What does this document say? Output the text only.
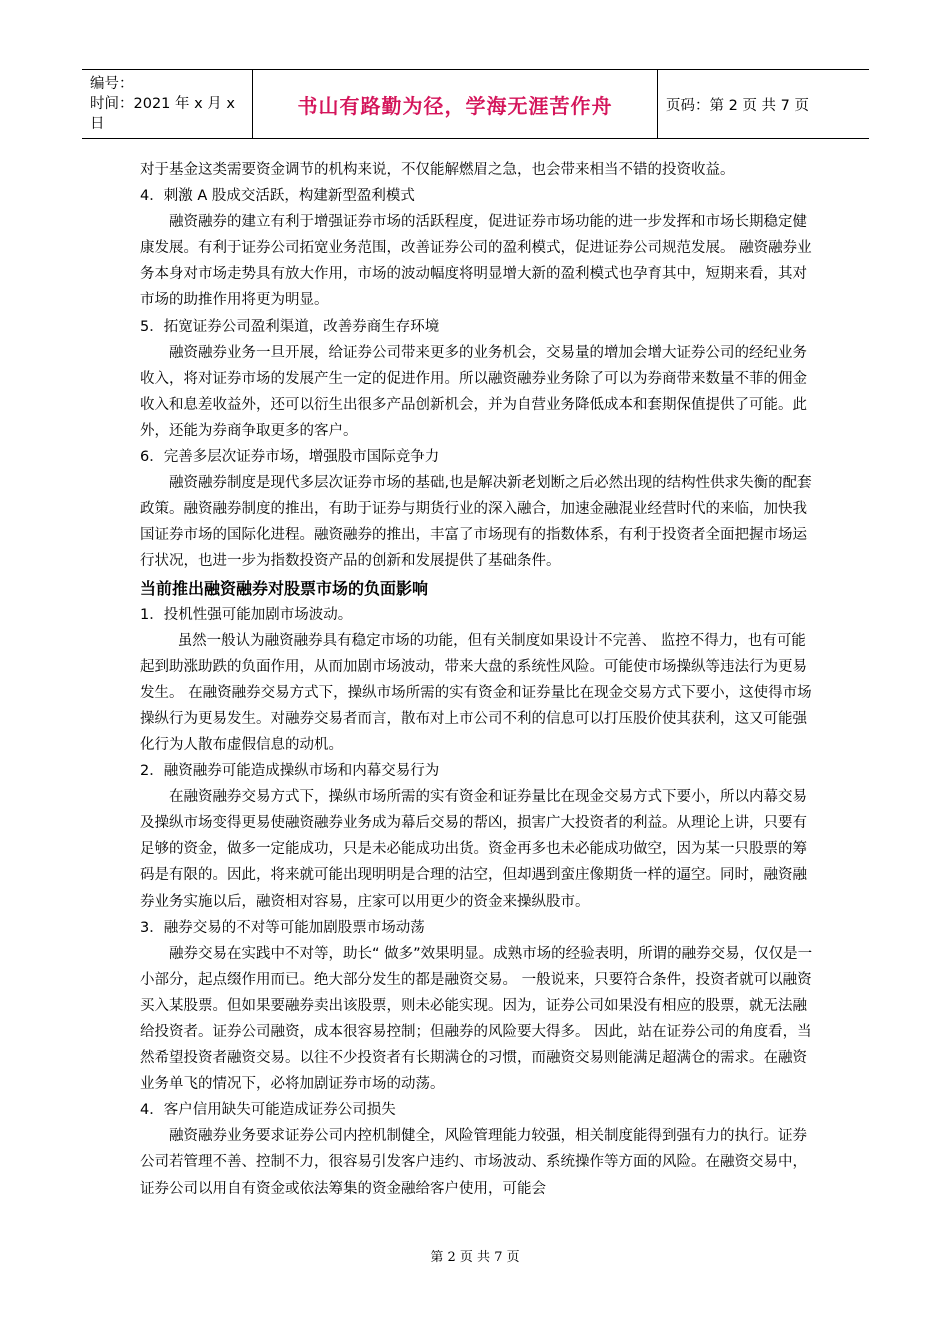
编号：
时间：2021 年 x 月 x 日
书山有路勤为径，学海无涯苦作舟	页码：第 2 页 共 7 页

对于基金这类需要资金调节的机构来说，不仅能解燃眉之急，也会带来相当不错的投资收益。

4．刺激 A 股成交活跃，构建新型盈利模式

融资融券的建立有利于增强证券市场的活跃程度，促进证券市场功能的进一步发挥和市场长期稳定健康发展。有利于证券公司拓宽业务范围，改善证券公司的盈利模式，促进证券公司规范发展。 融资融券业务本身对市场走势具有放大作用，市场的波动幅度将明显增大新的盈利模式也孕育其中，短期来看，其对市场的助推作用将更为明显。

5．拓宽证券公司盈利渠道，改善券商生存环境

融资融券业务一旦开展，给证券公司带来更多的业务机会，交易量的增加会增大证券公司的经纪业务收入，将对证券市场的发展产生一定的促进作用。所以融资融券业务除了可以为券商带来数量不菲的佣金收入和息差收益外，还可以衍生出很多产品创新机会，并为自营业务降低成本和套期保值提供了可能。此外，还能为券商争取更多的客户。

6．完善多层次证券市场，增强股市国际竞争力

融资融券制度是现代多层次证券市场的基础,也是解决新老划断之后必然出现的结构性供求失衡的配套政策。融资融券制度的推出，有助于证券与期货行业的深入融合，加速金融混业经营时代的来临，加快我国证券市场的国际化进程。融资融券的推出，丰富了市场现有的指数体系，有利于投资者全面把握市场运行状况，也进一步为指数投资产品的创新和发展提供了基础条件。

当前推出融资融券对股票市场的负面影响

1．投机性强可能加剧市场波动。

虽然一般认为融资融券具有稳定市场的功能，但有关制度如果设计不完善、 监控不得力，也有可能起到助涨助跌的负面作用，从而加剧市场波动，带来大盘的系统性风险。可能使市场操纵等违法行为更易发生。 在融资融券交易方式下，操纵市场所需的实有资金和证券量比在现金交易方式下要小，这使得市场操纵行为更易发生。对融券交易者而言，散布对上市公司不利的信息可以打压股价使其获利，这又可能强化行为人散布虚假信息的动机。

2．融资融券可能造成操纵市场和内幕交易行为

在融资融券交易方式下，操纵市场所需的实有资金和证券量比在现金交易方式下要小，所以内幕交易及操纵市场变得更易使融资融券业务成为幕后交易的帮凶，损害广大投资者的利益。从理论上讲，只要有足够的资金，做多一定能成功，只是未必能成功出货。资金再多也未必能成功做空，因为某一只股票的筹码是有限的。因此，将来就可能出现明明是合理的沽空，但却遇到蛮庄像期货一样的逼空。同时，融资融券业务实施以后，融资相对容易，庄家可以用更少的资金来操纵股市。

3．融券交易的不对等可能加剧股票市场动荡

融券交易在实践中不对等，助长“ 做多”效果明显。成熟市场的经验表明，所谓的融券交易，仅仅是一小部分，起点缀作用而已。绝大部分发生的都是融资交易。 一般说来，只要符合条件，投资者就可以融资买入某股票。但如果要融券卖出该股票，则未必能实现。因为，证券公司如果没有相应的股票，就无法融给投资者。证券公司融资，成本很容易控制；但融券的风险要大得多。 因此，站在证券公司的角度看，当然希望投资者融资交易。以往不少投资者有长期满仓的习惯，而融资交易则能满足超满仓的需求。在融资业务单飞的情况下，必将加剧证券市场的动荡。

4．客户信用缺失可能造成证券公司损失

融资融券业务要求证券公司内控机制健全，风险管理能力较强，相关制度能得到强有力的执行。证券公司若管理不善、控制不力，很容易引发客户违约、市场波动、系统操作等方面的风险。在融资交易中，证券公司以用自有资金或依法筹集的资金融给客户使用，可能会

第 2 页 共 7 页
